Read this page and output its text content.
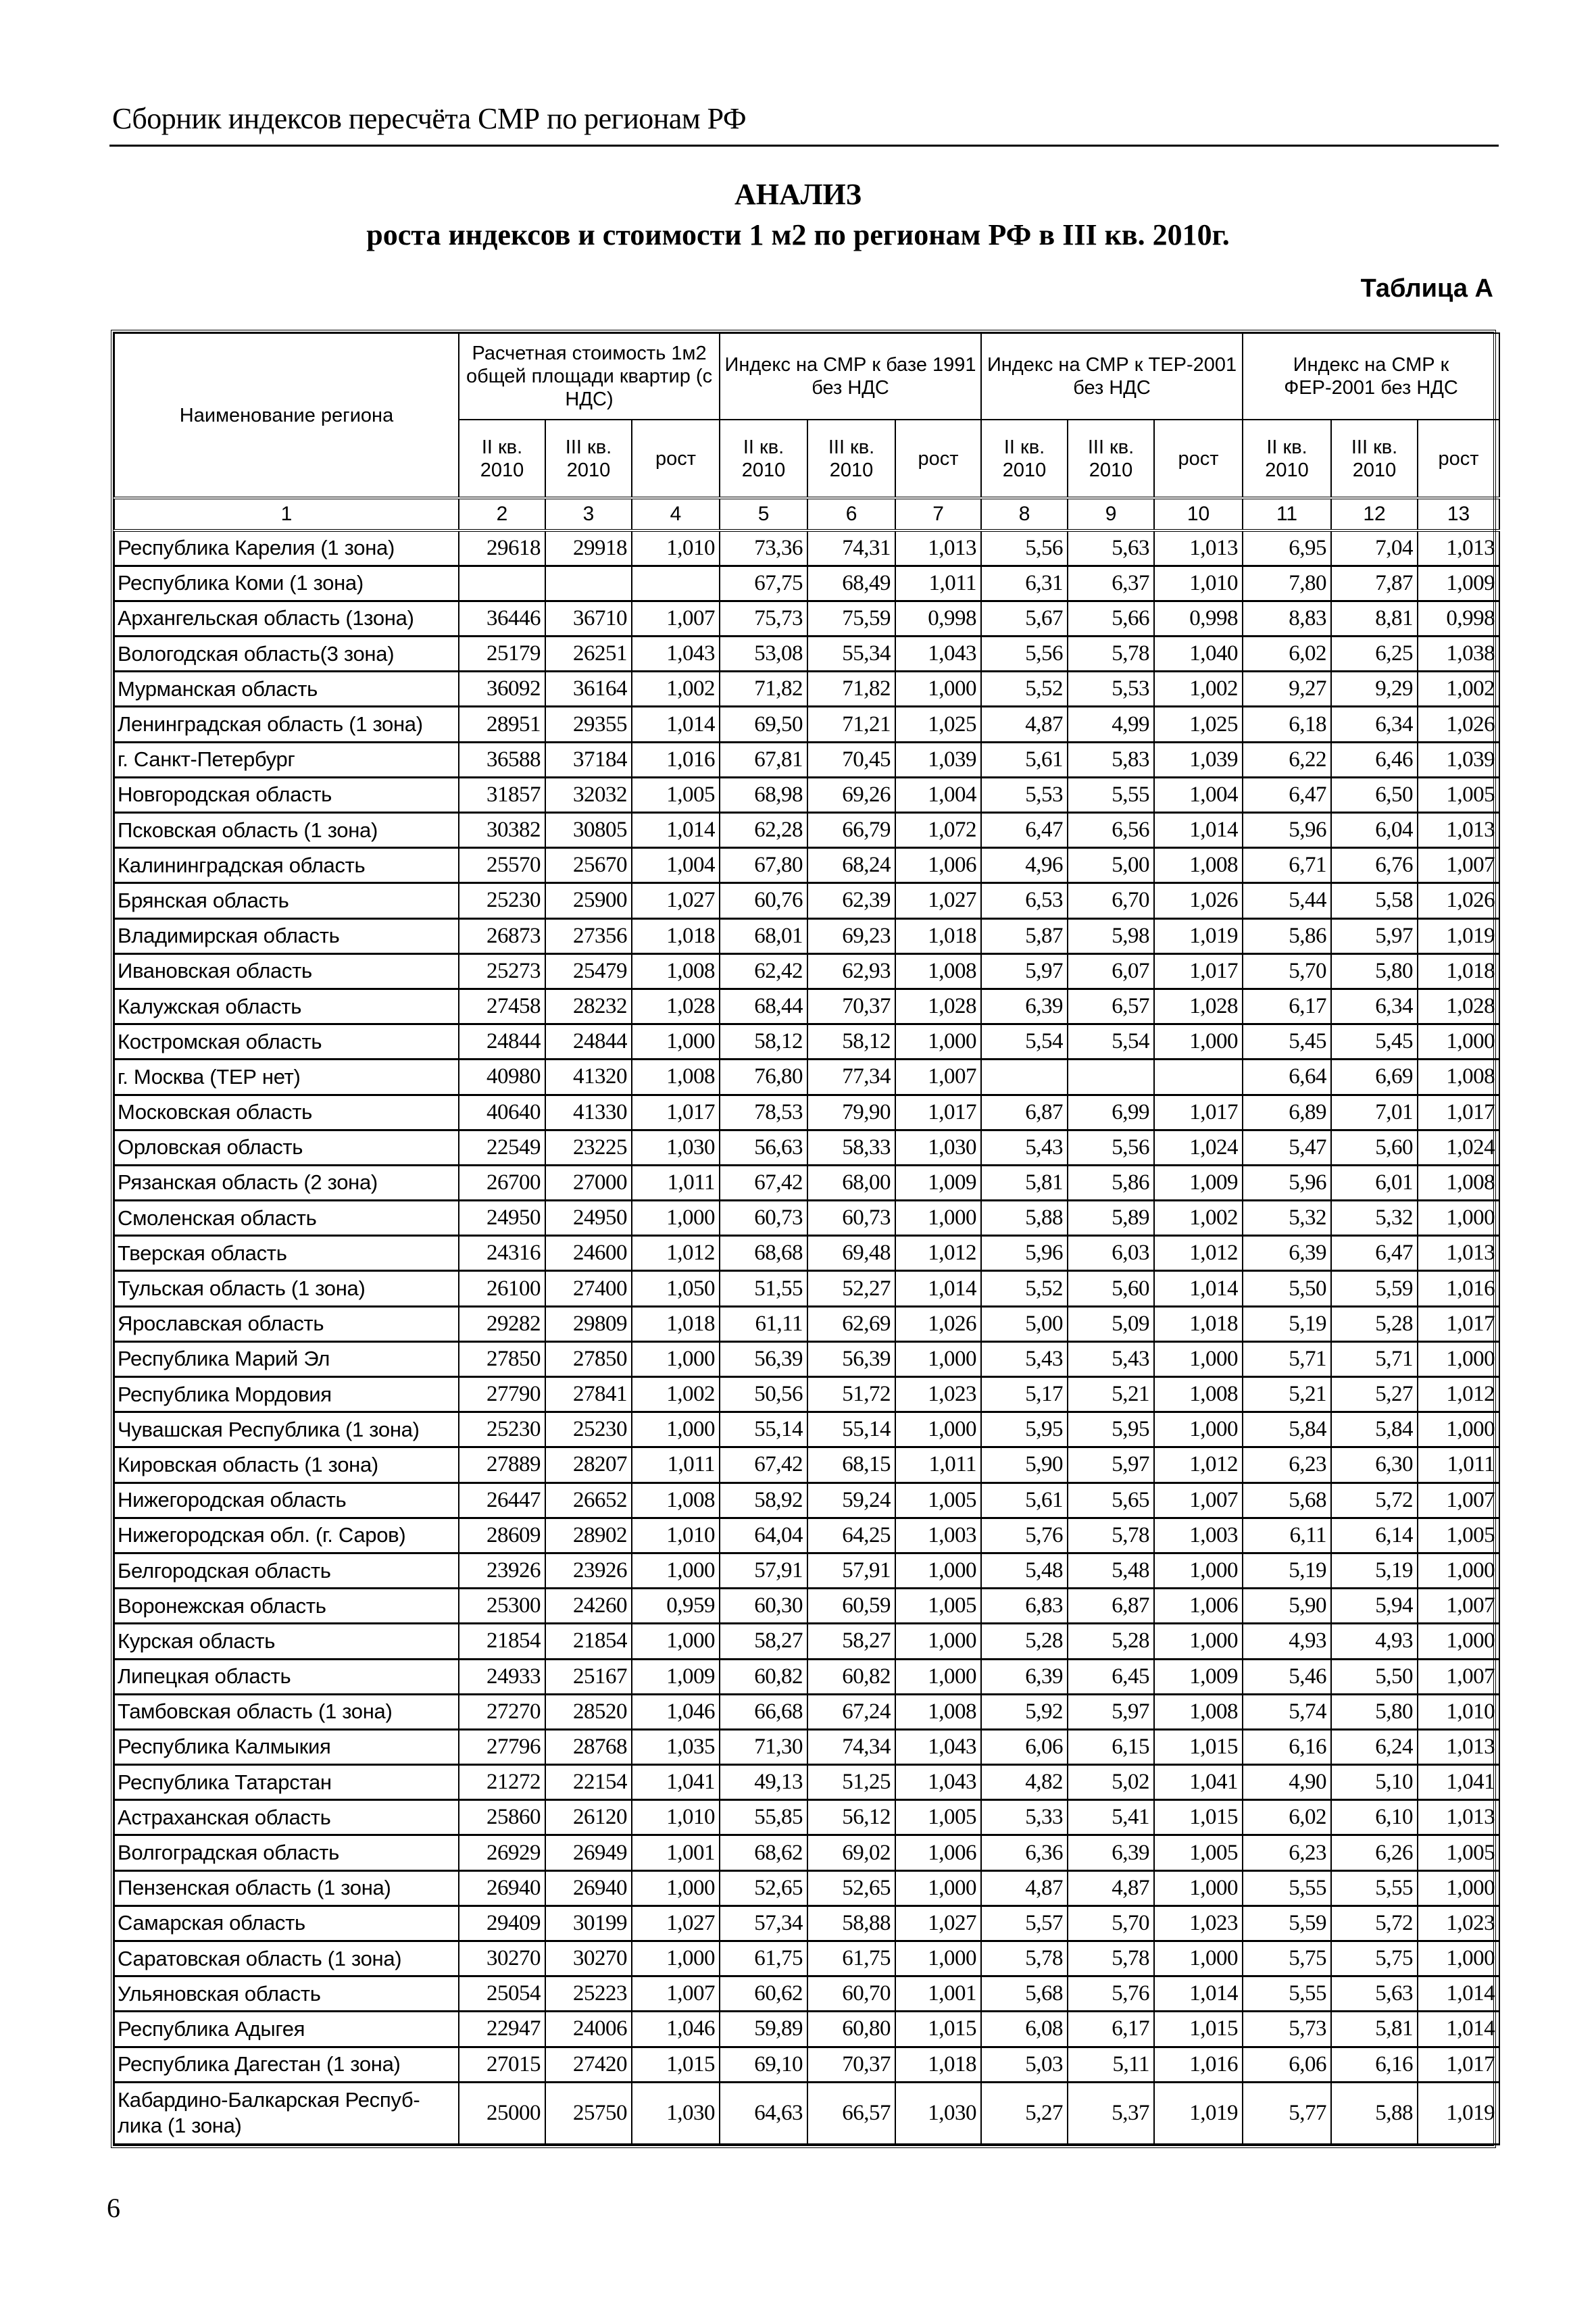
Сборник индексов пересчёта СМР по регионам РФ
АНАЛИЗ
роста индексов и стоимости 1 м2 по регионам РФ в III кв. 2010г.
Таблица А
Наименование региона	Расчетная стоимость 1м2 общей площади квартир (с НДС)			Индекс на СМР к базе 1991 без НДС			Индекс на СМР к ТЕР-2001 без НДС			Индекс на СМР к ФЕР-2001 без НДС		
	II кв. 2010	III кв. 2010	рост	II кв. 2010	III кв. 2010	рост	II кв. 2010	III кв. 2010	рост	II кв. 2010	III кв. 2010	рост
1	2	3	4	5	6	7	8	9	10	11	12	13
Республика Карелия (1 зона)	29618	29918	1,010	73,36	74,31	1,013	5,56	5,63	1,013	6,95	7,04	1,013
Республика Коми (1 зона)				67,75	68,49	1,011	6,31	6,37	1,010	7,80	7,87	1,009
Архангельская область (1зона)	36446	36710	1,007	75,73	75,59	0,998	5,67	5,66	0,998	8,83	8,81	0,998
Вологодская область(3 зона)	25179	26251	1,043	53,08	55,34	1,043	5,56	5,78	1,040	6,02	6,25	1,038
Мурманская область	36092	36164	1,002	71,82	71,82	1,000	5,52	5,53	1,002	9,27	9,29	1,002
Ленинградская область (1 зона)	28951	29355	1,014	69,50	71,21	1,025	4,87	4,99	1,025	6,18	6,34	1,026
г. Санкт-Петербург	36588	37184	1,016	67,81	70,45	1,039	5,61	5,83	1,039	6,22	6,46	1,039
Новгородская область	31857	32032	1,005	68,98	69,26	1,004	5,53	5,55	1,004	6,47	6,50	1,005
Псковская область (1 зона)	30382	30805	1,014	62,28	66,79	1,072	6,47	6,56	1,014	5,96	6,04	1,013
Калининградская область	25570	25670	1,004	67,80	68,24	1,006	4,96	5,00	1,008	6,71	6,76	1,007
Брянская область	25230	25900	1,027	60,76	62,39	1,027	6,53	6,70	1,026	5,44	5,58	1,026
Владимирская область	26873	27356	1,018	68,01	69,23	1,018	5,87	5,98	1,019	5,86	5,97	1,019
Ивановская область	25273	25479	1,008	62,42	62,93	1,008	5,97	6,07	1,017	5,70	5,80	1,018
Калужская область	27458	28232	1,028	68,44	70,37	1,028	6,39	6,57	1,028	6,17	6,34	1,028
Костромская область	24844	24844	1,000	58,12	58,12	1,000	5,54	5,54	1,000	5,45	5,45	1,000
г. Москва (ТЕР нет)	40980	41320	1,008	76,80	77,34	1,007				6,64	6,69	1,008
Московская область	40640	41330	1,017	78,53	79,90	1,017	6,87	6,99	1,017	6,89	7,01	1,017
Орловская область	22549	23225	1,030	56,63	58,33	1,030	5,43	5,56	1,024	5,47	5,60	1,024
Рязанская область (2 зона)	26700	27000	1,011	67,42	68,00	1,009	5,81	5,86	1,009	5,96	6,01	1,008
Смоленская область	24950	24950	1,000	60,73	60,73	1,000	5,88	5,89	1,002	5,32	5,32	1,000
Тверская область	24316	24600	1,012	68,68	69,48	1,012	5,96	6,03	1,012	6,39	6,47	1,013
Тульская область (1 зона)	26100	27400	1,050	51,55	52,27	1,014	5,52	5,60	1,014	5,50	5,59	1,016
Ярославская область	29282	29809	1,018	61,11	62,69	1,026	5,00	5,09	1,018	5,19	5,28	1,017
Республика Марий Эл	27850	27850	1,000	56,39	56,39	1,000	5,43	5,43	1,000	5,71	5,71	1,000
Республика Мордовия	27790	27841	1,002	50,56	51,72	1,023	5,17	5,21	1,008	5,21	5,27	1,012
Чувашская Республика (1 зона)	25230	25230	1,000	55,14	55,14	1,000	5,95	5,95	1,000	5,84	5,84	1,000
Кировская область (1 зона)	27889	28207	1,011	67,42	68,15	1,011	5,90	5,97	1,012	6,23	6,30	1,011
Нижегородская область	26447	26652	1,008	58,92	59,24	1,005	5,61	5,65	1,007	5,68	5,72	1,007
Нижегородская обл. (г. Саров)	28609	28902	1,010	64,04	64,25	1,003	5,76	5,78	1,003	6,11	6,14	1,005
Белгородская область	23926	23926	1,000	57,91	57,91	1,000	5,48	5,48	1,000	5,19	5,19	1,000
Воронежская область	25300	24260	0,959	60,30	60,59	1,005	6,83	6,87	1,006	5,90	5,94	1,007
Курская область	21854	21854	1,000	58,27	58,27	1,000	5,28	5,28	1,000	4,93	4,93	1,000
Липецкая область	24933	25167	1,009	60,82	60,82	1,000	6,39	6,45	1,009	5,46	5,50	1,007
Тамбовская область (1 зона)	27270	28520	1,046	66,68	67,24	1,008	5,92	5,97	1,008	5,74	5,80	1,010
Республика Калмыкия	27796	28768	1,035	71,30	74,34	1,043	6,06	6,15	1,015	6,16	6,24	1,013
Республика Татарстан	21272	22154	1,041	49,13	51,25	1,043	4,82	5,02	1,041	4,90	5,10	1,041
Астраханская область	25860	26120	1,010	55,85	56,12	1,005	5,33	5,41	1,015	6,02	6,10	1,013
Волгоградская область	26929	26949	1,001	68,62	69,02	1,006	6,36	6,39	1,005	6,23	6,26	1,005
Пензенская область (1 зона)	26940	26940	1,000	52,65	52,65	1,000	4,87	4,87	1,000	5,55	5,55	1,000
Самарская область	29409	30199	1,027	57,34	58,88	1,027	5,57	5,70	1,023	5,59	5,72	1,023
Саратовская область (1 зона)	30270	30270	1,000	61,75	61,75	1,000	5,78	5,78	1,000	5,75	5,75	1,000
Ульяновская область	25054	25223	1,007	60,62	60,70	1,001	5,68	5,76	1,014	5,55	5,63	1,014
Республика Адыгея	22947	24006	1,046	59,89	60,80	1,015	6,08	6,17	1,015	5,73	5,81	1,014
Республика Дагестан (1 зона)	27015	27420	1,015	69,10	70,37	1,018	5,03	5,11	1,016	6,06	6,16	1,017
Кабардино-Балкарская Респуб-лика (1 зона)	25000	25750	1,030	64,63	66,57	1,030	5,27	5,37	1,019	5,77	5,88	1,019
6
